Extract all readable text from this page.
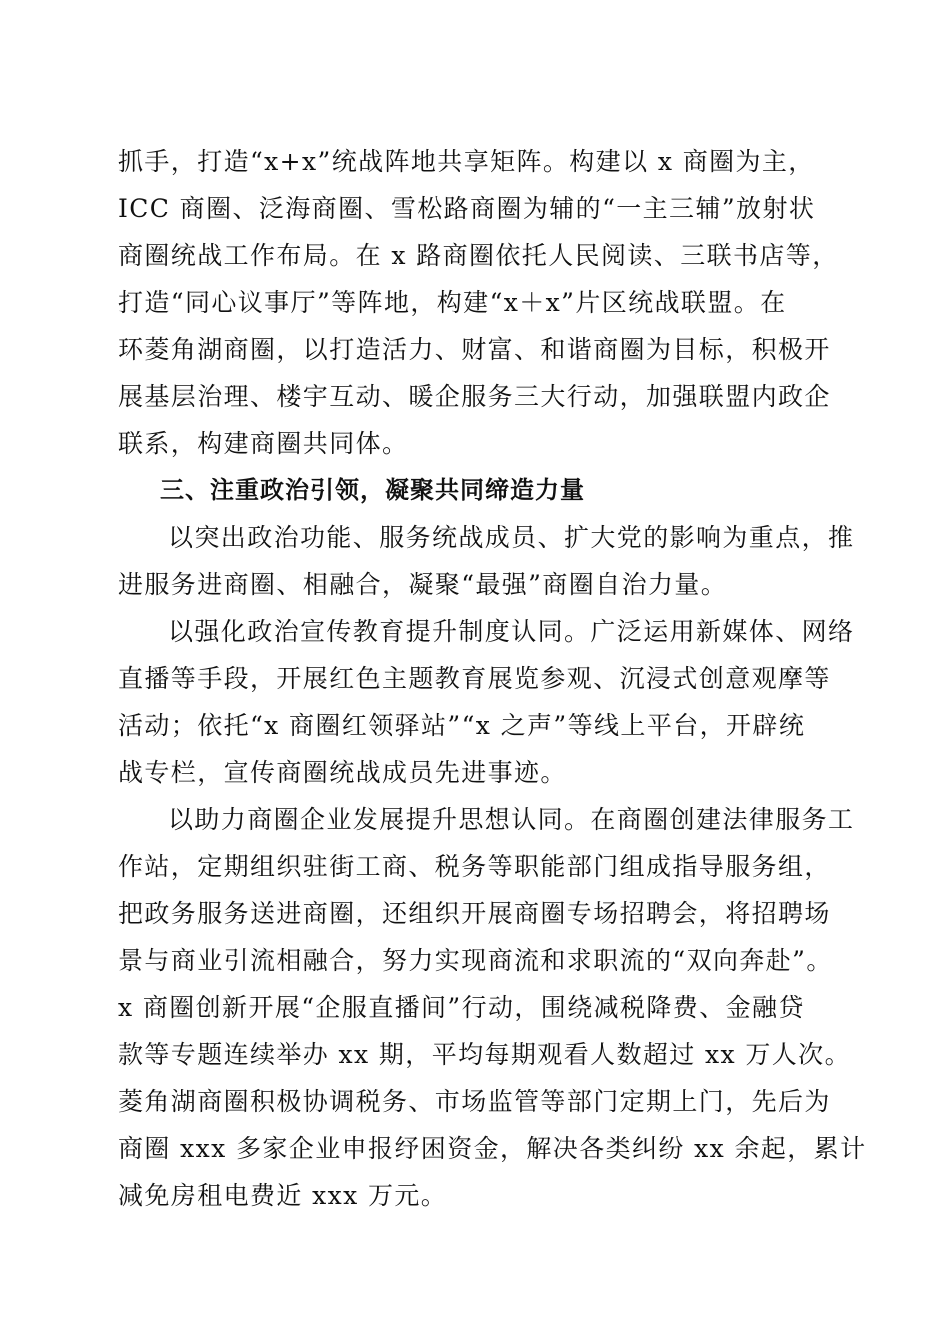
抓手，打造“x+x”统战阵地共享矩阵。构建以 x 商圈为主，
ICC 商圈、泛海商圈、雪松路商圈为辅的“一主三辅”放射状
商圈统战工作布局。在 x 路商圈依托人民阅读、三联书店等，
打造“同心议事厅”等阵地，构建“x＋x”片区统战联盟。在
环菱角湖商圈，以打造活力、财富、和谐商圈为目标，积极开
展基层治理、楼宇互动、暖企服务三大行动，加强联盟内政企
联系，构建商圈共同体。
三、注重政治引领，凝聚共同缔造力量
以突出政治功能、服务统战成员、扩大党的影响为重点，推
进服务进商圈、相融合，凝聚“最强”商圈自治力量。
以强化政治宣传教育提升制度认同。广泛运用新媒体、网络
直播等手段，开展红色主题教育展览参观、沉浸式创意观摩等
活动；依托“x 商圈红领驿站”“x 之声”等线上平台，开辟统
战专栏，宣传商圈统战成员先进事迹。
以助力商圈企业发展提升思想认同。在商圈创建法律服务工
作站，定期组织驻街工商、税务等职能部门组成指导服务组，
把政务服务送进商圈，还组织开展商圈专场招聘会，将招聘场
景与商业引流相融合，努力实现商流和求职流的“双向奔赴”。
x 商圈创新开展“企服直播间”行动，围绕减税降费、金融贷
款等专题连续举办 xx 期，平均每期观看人数超过 xx 万人次。
菱角湖商圈积极协调税务、市场监管等部门定期上门，先后为
商圈 xxx 多家企业申报纾困资金，解决各类纠纷 xx 余起，累计
减免房租电费近 xxx 万元。
